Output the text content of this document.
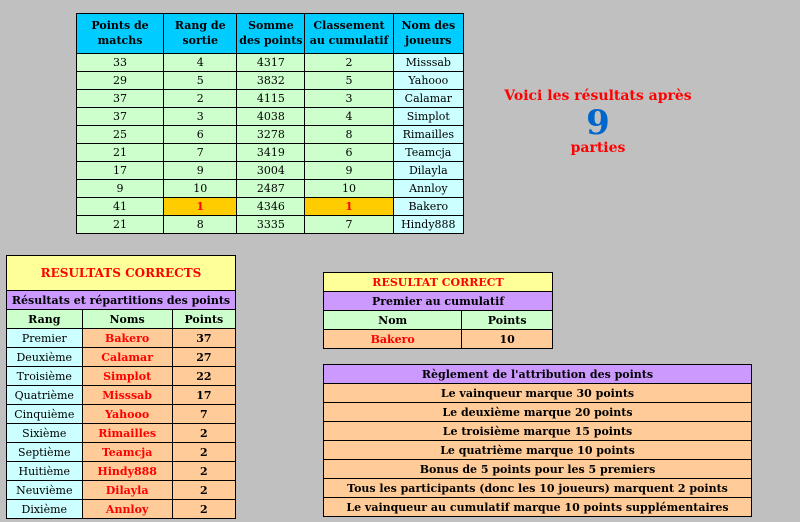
Points de matchs	Rang de sortie	Somme des points	Classement au cumulatif	Nom des joueurs
33	4	4317	2	Misssab
29	5	3832	5	Yahooo
37	2	4115	3	Calamar
37	3	4038	4	Simplot
25	6	3278	8	Rimailles
21	7	3419	6	Teamcja
17	9	3004	9	Dilayla
9	10	2487	10	Annloy
41	1	4346	1	Bakero
21	8	3335	7	Hindy888
Voici les résultats après
9
parties
RESULTATS CORRECTS		
Résultats et répartitions des points		
Rang	Noms	Points
Premier	Bakero	37
Deuxième	Calamar	27
Troisième	Simplot	22
Quatrième	Misssab	17
Cinquième	Yahooo	7
Sixième	Rimailles	2
Septième	Teamcja	2
Huitième	Hindy888	2
Neuvième	Dilayla	2
Dixième	Annloy	2
RESULTAT CORRECT	
Premier au cumulatif	
Nom	Points
Bakero	10
Règlement de l'attribution des points
Le vainqueur marque 30 points
Le deuxième marque 20 points
Le troisième marque 15 points
Le quatrième marque 10 points
Bonus de 5 points pour les 5 premiers
Tous les participants (donc les 10 joueurs) marquent 2 points
Le vainqueur au cumulatif marque 10 points supplémentaires
